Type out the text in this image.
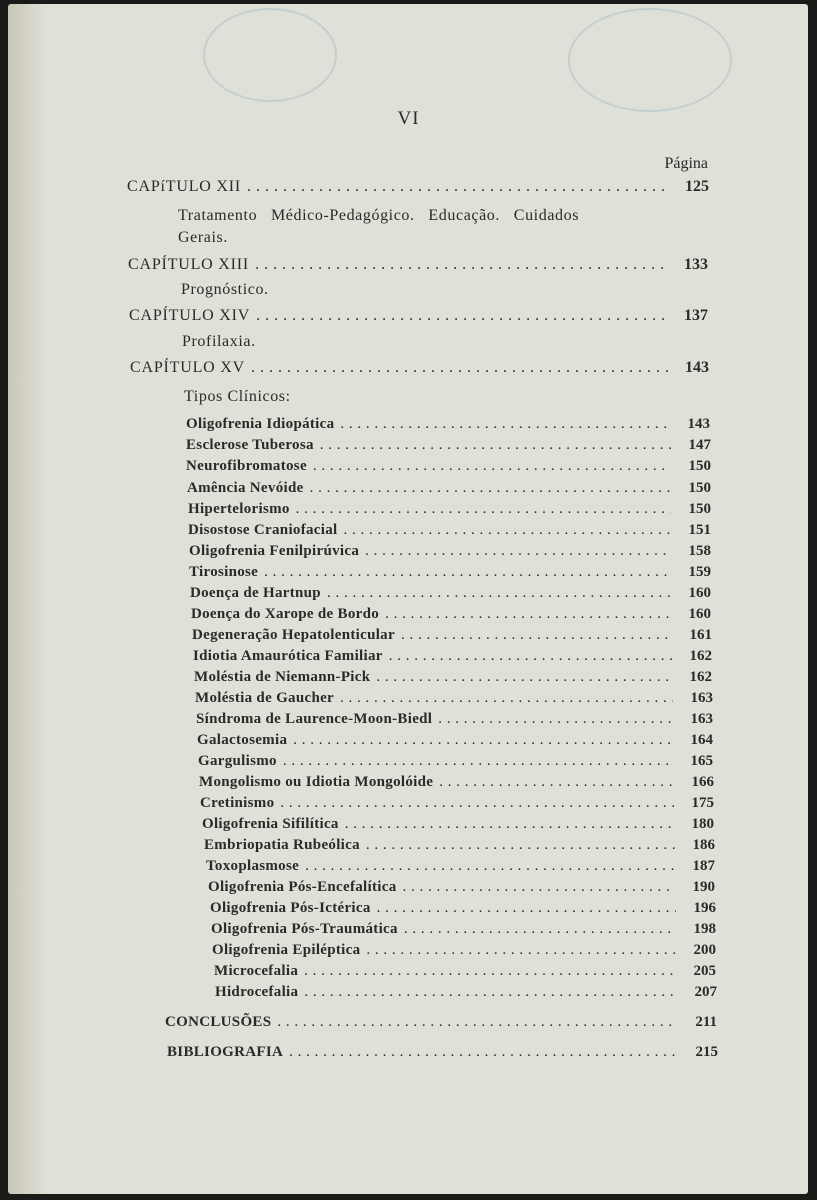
VI
Página
CAPíTULO XII . . .	125
Tratamento   Médico-Pedagógico.   Educação.   Cuidados
Gerais.
CAPÍTULO XIII . . .	133
Prognóstico.
CAPÍTULO XIV . . .	137
Profilaxia.
CAPÍTULO XV . . .	143
Tipos Clínicos:
Oligofrenia Idiopática . . .	143
Esclerose Tuberosa . . .	147
Neurofibromatose . . .	150
Amência Nevóide . . .	150
Hipertelorismo . . .	150
Disostose Craniofacial . . .	151
Oligofrenia Fenilpirúvica . . .	158
Tirosinose . . .	159
Doença de Hartnup . . .	160
Doença do Xarope de Bordo . . .	160
Degeneração Hepatolenticular . . .	161
Idiotia Amaurótica Familiar . . .	162
Moléstia de Niemann-Pick . . .	162
Moléstia de Gaucher . . .	163
Síndroma de Laurence-Moon-Biedl . . .	163
Galactosemia . . .	164
Gargulismo . . .	165
Mongolismo ou Idiotia Mongolóide . . .	166
Cretinismo . . .	175
Oligofrenia Sifilítica . . .	180
Embriopatia Rubeólica . . .	186
Toxoplasmose . . .	187
Oligofrenia Pós-Encefalítica . . .	190
Oligofrenia Pós-Ictérica . . .	196
Oligofrenia Pós-Traumática . . .	198
Oligofrenia Epiléptica . . .	200
Microcefalia . . .	205
Hidrocefalia . . .	207
CONCLUSÕES . . .	211
BIBLIOGRAFIA . . .	215
